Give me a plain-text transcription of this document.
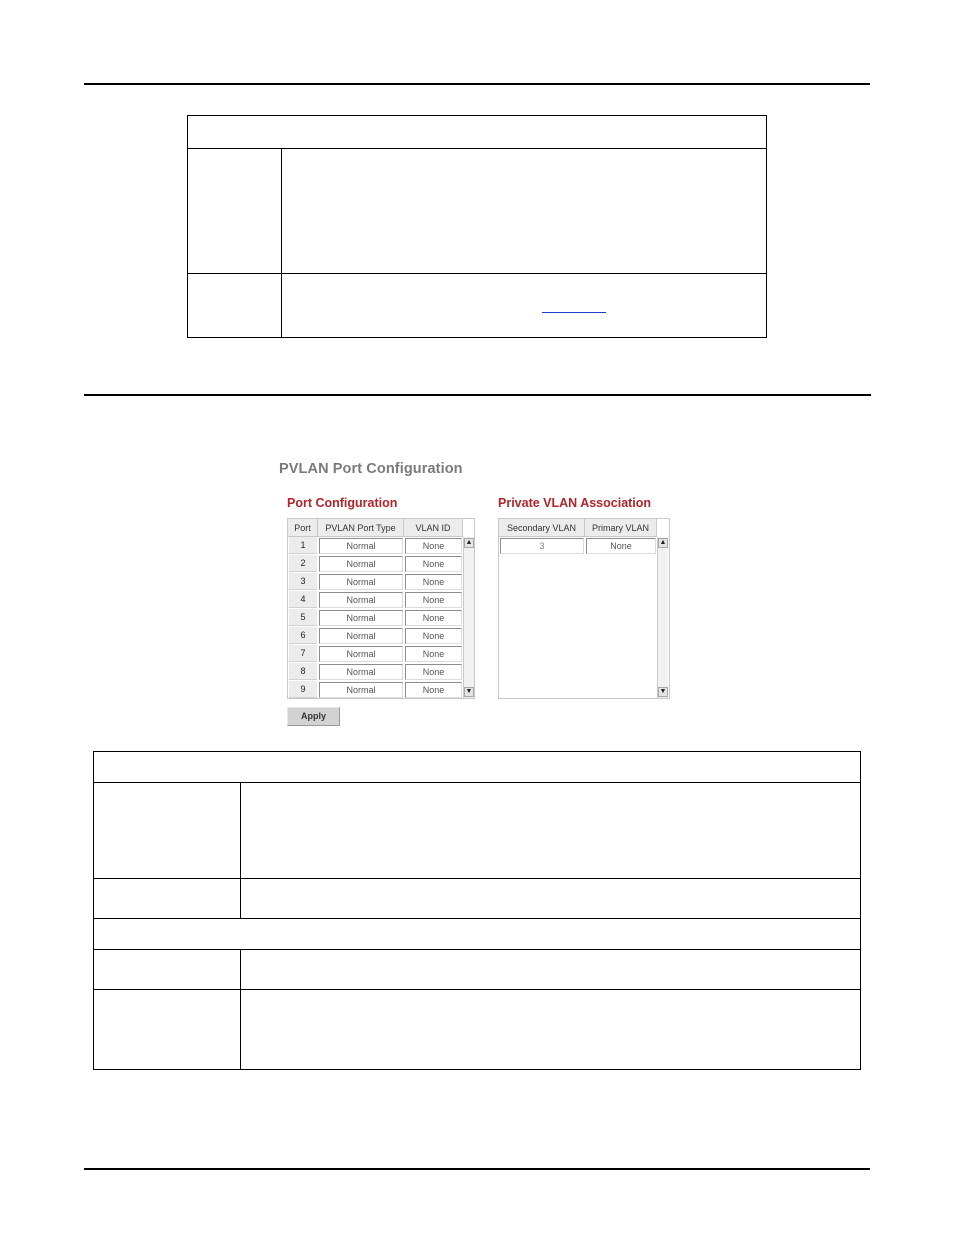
PVLAN Port Configuration
Port Configuration	Private VLAN Association
Port	PVLAN Port Type	VLAN ID
▲
▼
1	Normal	None
2	Normal	None
3	Normal	None
4	Normal	None
5	Normal	None
6	Normal	None
7	Normal	None
8	Normal	None
9	Normal	None
Secondary VLAN	Primary VLAN
▲
▼
3	None
Apply
